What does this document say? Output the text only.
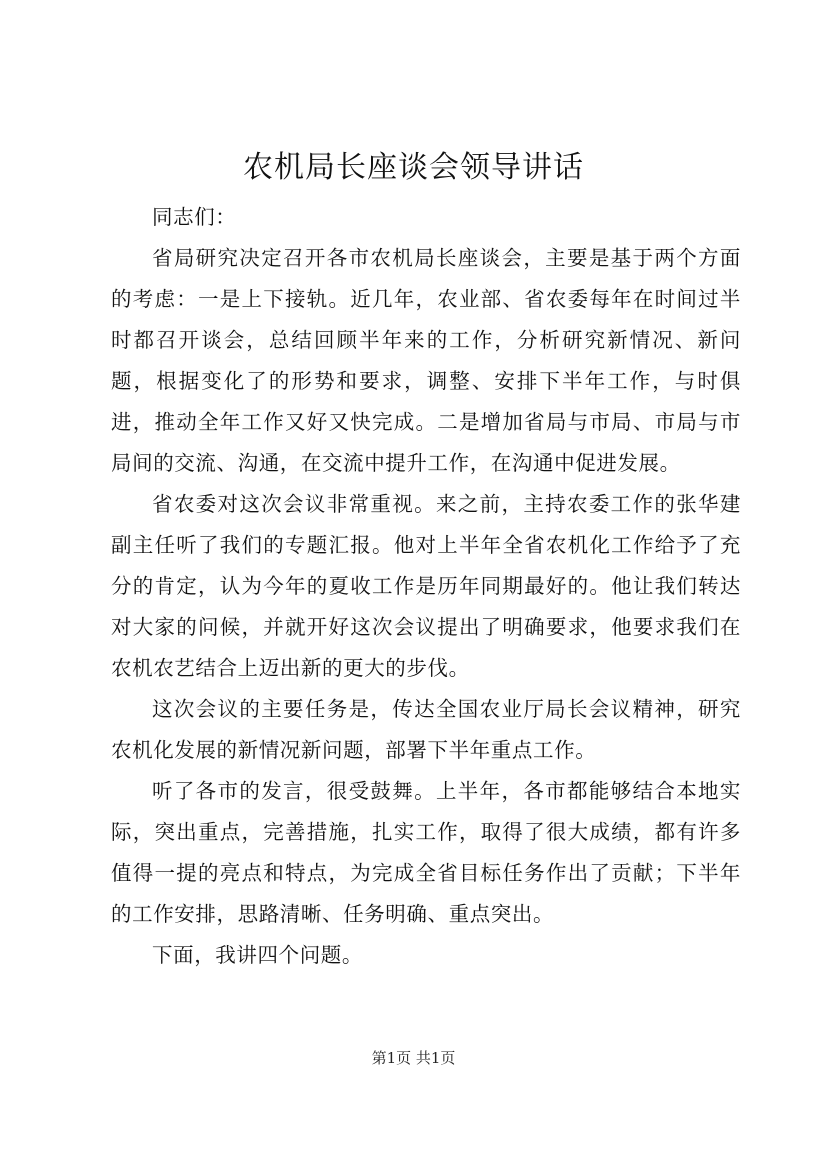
农机局长座谈会领导讲话

同志们：

省局研究决定召开各市农机局长座谈会，主要是基于两个方面的考虑：一是上下接轨。近几年，农业部、省农委每年在时间过半时都召开谈会，总结回顾半年来的工作，分析研究新情况、新问题，根据变化了的形势和要求，调整、安排下半年工作，与时俱进，推动全年工作又好又快完成。二是增加省局与市局、市局与市局间的交流、沟通，在交流中提升工作，在沟通中促进发展。

省农委对这次会议非常重视。来之前，主持农委工作的张华建副主任听了我们的专题汇报。他对上半年全省农机化工作给予了充分的肯定，认为今年的夏收工作是历年同期最好的。他让我们转达对大家的问候，并就开好这次会议提出了明确要求，他要求我们在农机农艺结合上迈出新的更大的步伐。

这次会议的主要任务是，传达全国农业厅局长会议精神，研究农机化发展的新情况新问题，部署下半年重点工作。

听了各市的发言，很受鼓舞。上半年，各市都能够结合本地实际，突出重点，完善措施，扎实工作，取得了很大成绩，都有许多值得一提的亮点和特点，为完成全省目标任务作出了贡献；下半年的工作安排，思路清晰、任务明确、重点突出。

下面，我讲四个问题。

第1页 共1页
